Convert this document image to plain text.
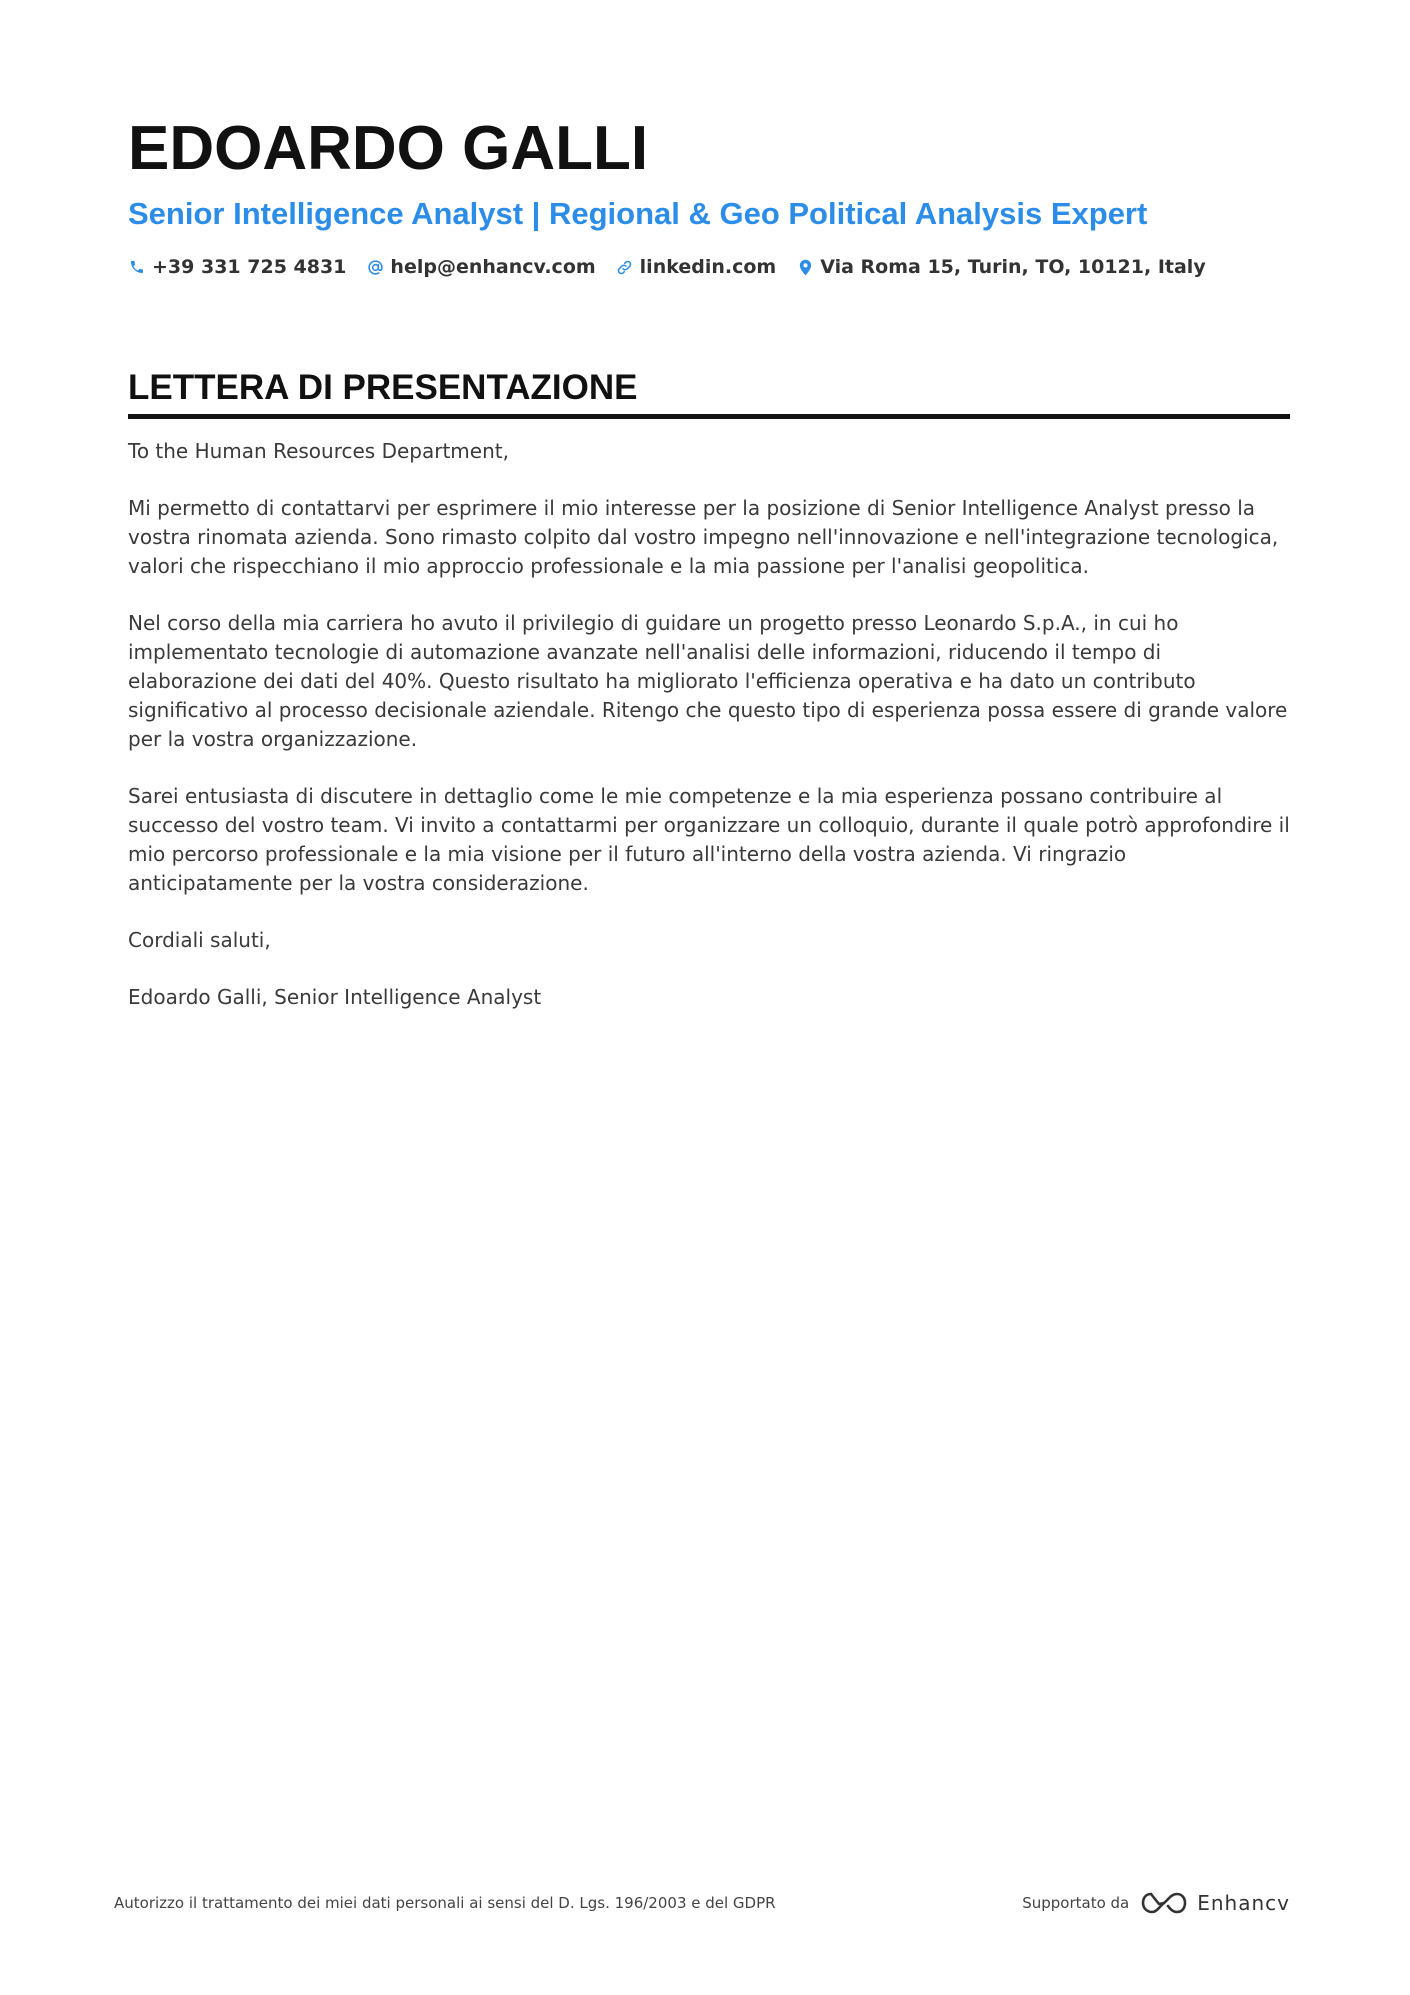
EDOARDO GALLI
Senior Intelligence Analyst | Regional & Geo Political Analysis Expert
+39 331 725 4831 help@enhancv.com linkedin.com Via Roma 15, Turin, TO, 10121, Italy
LETTERA DI PRESENTAZIONE

To the Human Resources Department,

Mi permetto di contattarvi per esprimere il mio interesse per la posizione di Senior Intelligence Analyst presso la vostra rinomata azienda. Sono rimasto colpito dal vostro impegno nell'innovazione e nell'integrazione tecnologica, valori che rispecchiano il mio approccio professionale e la mia passione per l'analisi geopolitica.

Nel corso della mia carriera ho avuto il privilegio di guidare un progetto presso Leonardo S.p.A., in cui ho implementato tecnologie di automazione avanzate nell'analisi delle informazioni, riducendo il tempo di elaborazione dei dati del 40%. Questo risultato ha migliorato l'efficienza operativa e ha dato un contributo significativo al processo decisionale aziendale. Ritengo che questo tipo di esperienza possa essere di grande valore per la vostra organizzazione.

Sarei entusiasta di discutere in dettaglio come le mie competenze e la mia esperienza possano contribuire al successo del vostro team. Vi invito a contattarmi per organizzare un colloquio, durante il quale potrò approfondire il mio percorso professionale e la mia visione per il futuro all'interno della vostra azienda. Vi ringrazio anticipatamente per la vostra considerazione.

Cordiali saluti,

Edoardo Galli, Senior Intelligence Analyst

Autorizzo il trattamento dei miei dati personali ai sensi del D. Lgs. 196/2003 e del GDPR	Supportato da	Enhancv
